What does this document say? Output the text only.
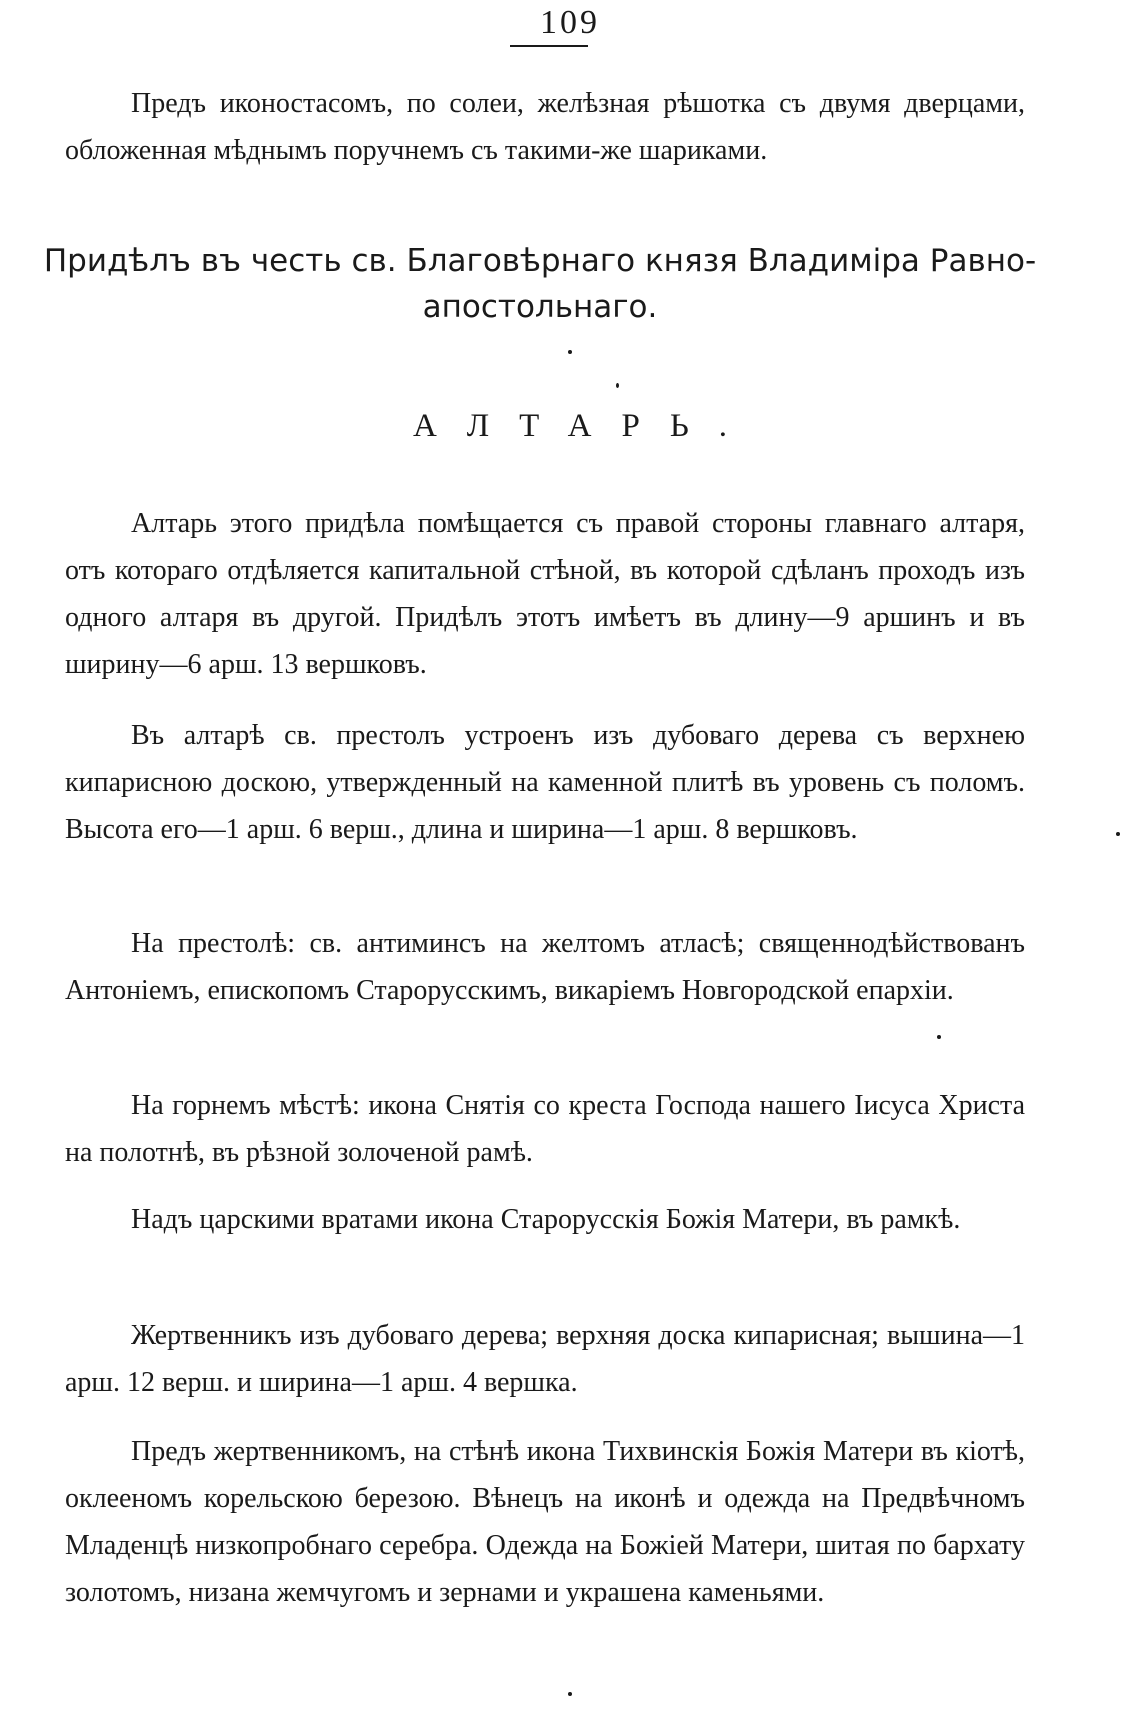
109

Предъ иконостасомъ, по солеи, желѣзная рѣшотка съ двумя дверцами, обложенная мѣднымъ поручнемъ съ такими-же шариками.

Придѣлъ въ честь св. Благовѣрнаго князя Владиміра Равно-
апостольнаго.
АЛТАРЬ.

Алтарь этого придѣла помѣщается съ правой стороны главнаго алтаря, отъ котораго отдѣляется капитальной стѣной, въ которой сдѣланъ проходъ изъ одного алтаря въ другой. Придѣлъ этотъ имѣетъ въ длину—9 аршинъ и въ ширину—6 арш. 13 вершковъ.

Въ алтарѣ св. престолъ устроенъ изъ дубоваго дерева съ верхнею кипарисною доскою, утвержденный на каменной плитѣ въ уровень съ поломъ. Высота его—1 арш. 6 верш., длина и ширина—1 арш. 8 вершковъ.

На престолѣ: св. антиминсъ на желтомъ атласѣ; священнодѣйствованъ Антоніемъ, епископомъ Старорусскимъ, викаріемъ Новгородской епархіи.

На горнемъ мѣстѣ: икона Снятія со креста Господа нашего Іисуса Христа на полотнѣ, въ рѣзной золоченой рамѣ.

Надъ царскими вратами икона Старорусскія Божія Матери, въ рамкѣ.

Жертвенникъ изъ дубоваго дерева; верхняя доска кипарисная; вышина—1 арш. 12 верш. и ширина—1 арш. 4 вершка.

Предъ жертвенникомъ, на стѣнѣ икона Тихвинскія Божія Матери въ кіотѣ, оклееномъ корельскою березою. Вѣнецъ на иконѣ и одежда на Предвѣчномъ Младенцѣ низкопробнаго серебра. Одежда на Божіей Матери, шитая по бархату золотомъ, низана жемчугомъ и зернами и украшена каменьями.
